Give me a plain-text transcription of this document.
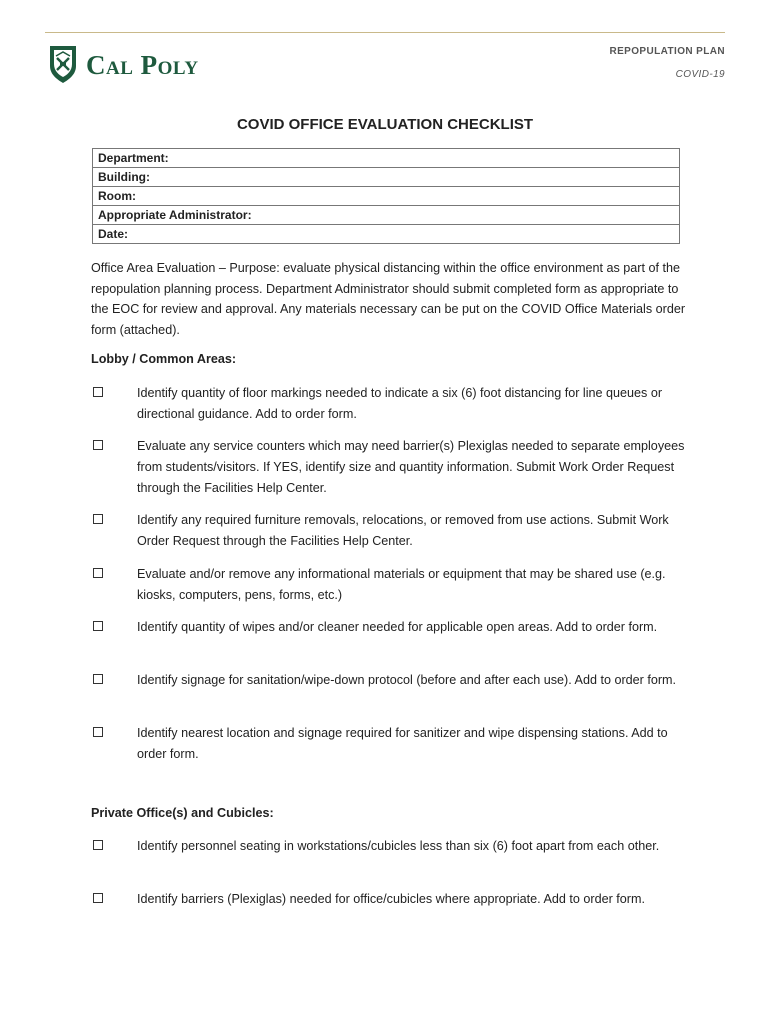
Cal Poly	REPOPULATION PLAN
COVID-19
COVID OFFICE EVALUATION CHECKLIST
Department:
Building:
Room:
Appropriate Administrator:
Date:
Office Area Evaluation – Purpose: evaluate physical distancing within the office environment as part of the repopulation planning process. Department Administrator should submit completed form as appropriate to the EOC for review and approval. Any materials necessary can be put on the COVID Office Materials order form (attached).
Lobby / Common Areas:
Identify quantity of floor markings needed to indicate a six (6) foot distancing for line queues or directional guidance. Add to order form.
Evaluate any service counters which may need barrier(s) Plexiglas needed to separate employees from students/visitors. If YES, identify size and quantity information. Submit Work Order Request through the Facilities Help Center.
Identify any required furniture removals, relocations, or removed from use actions. Submit Work Order Request through the Facilities Help Center.
Evaluate and/or remove any informational materials or equipment that may be shared use (e.g. kiosks, computers, pens, forms, etc.)
Identify quantity of wipes and/or cleaner needed for applicable open areas. Add to order form.
Identify signage for sanitation/wipe-down protocol (before and after each use). Add to order form.
Identify nearest location and signage required for sanitizer and wipe dispensing stations. Add to order form.
Private Office(s) and Cubicles:
Identify personnel seating in workstations/cubicles less than six (6) foot apart from each other.
Identify barriers (Plexiglas) needed for office/cubicles where appropriate. Add to order form.
